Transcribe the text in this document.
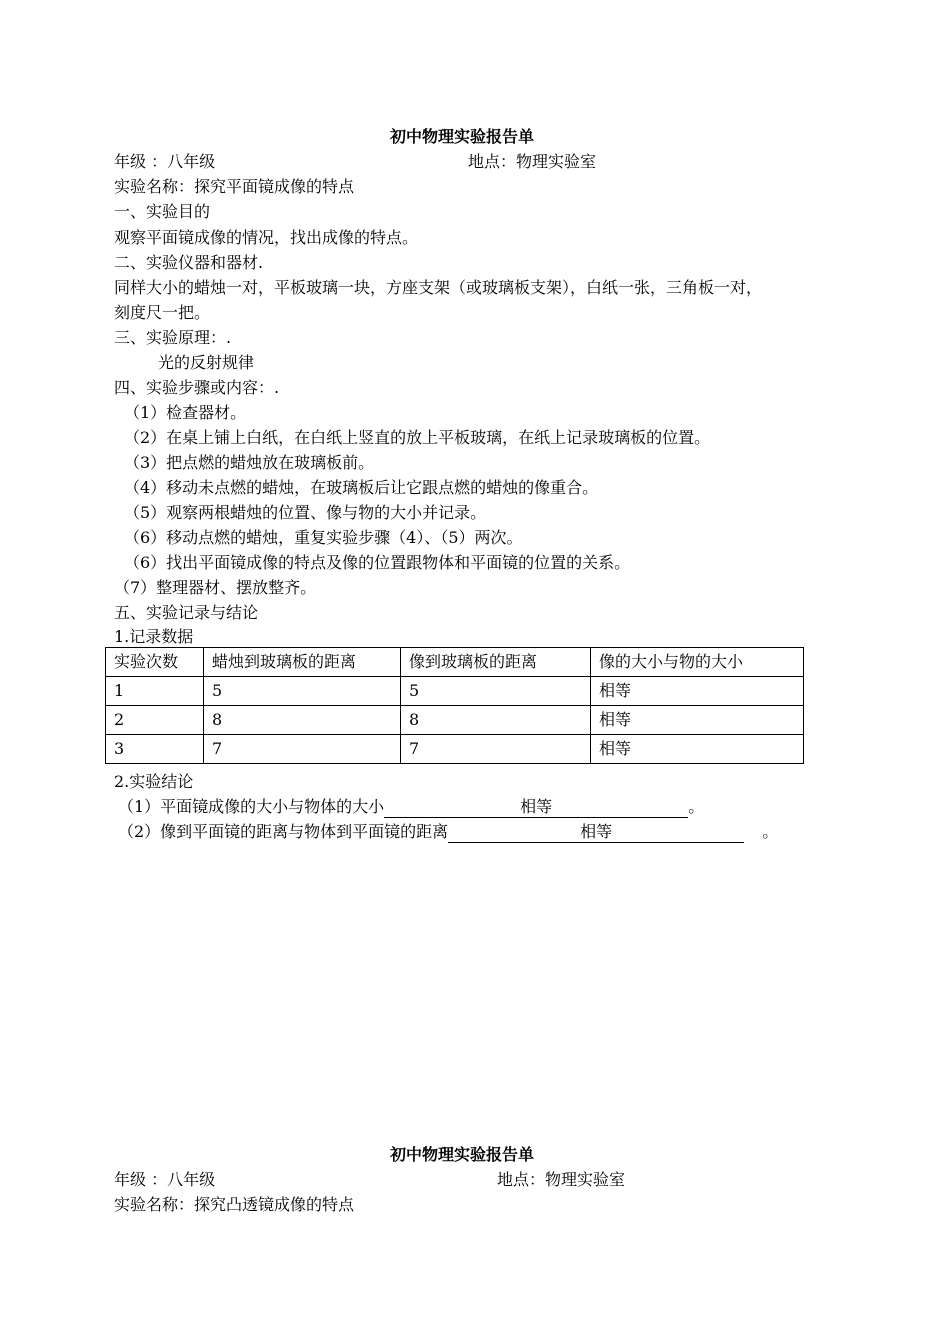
初中物理实验报告单
年级 ：八年级	地点：物理实验室
实验名称：探究平面镜成像的特点
一、实验目的
观察平面镜成像的情况，找出成像的特点。
二、实验仪器和器材.
同样大小的蜡烛一对，平板玻璃一块，方座支架（或玻璃板支架），白纸一张，三角板一对，
刻度尺一把。
三、实验原理：.
光的反射规律
四、实验步骤或内容：.
（1）检查器材。
（2）在桌上铺上白纸，在白纸上竖直的放上平板玻璃，在纸上记录玻璃板的位置。
（3）把点燃的蜡烛放在玻璃板前。
（4）移动未点燃的蜡烛，在玻璃板后让它跟点燃的蜡烛的像重合。
（5）观察两根蜡烛的位置、像与物的大小并记录。
（6）移动点燃的蜡烛，重复实验步骤（4）、（5）两次。
（6）找出平面镜成像的特点及像的位置跟物体和平面镜的位置的关系。
（7）整理器材、摆放整齐。
五、实验记录与结论
1.记录数据
实验次数	蜡烛到玻璃板的距离	像到玻璃板的距离	像的大小与物的大小
1	5	5	相等
2	8	8	相等
3	7	7	相等
2.实验结论
（1）平面镜成像的大小与物体的大小	相等	。
（2）像到平面镜的距离与物体到平面镜的距离	相等	。
初中物理实验报告单
年级 ：八年级	地点：物理实验室
实验名称：探究凸透镜成像的特点
